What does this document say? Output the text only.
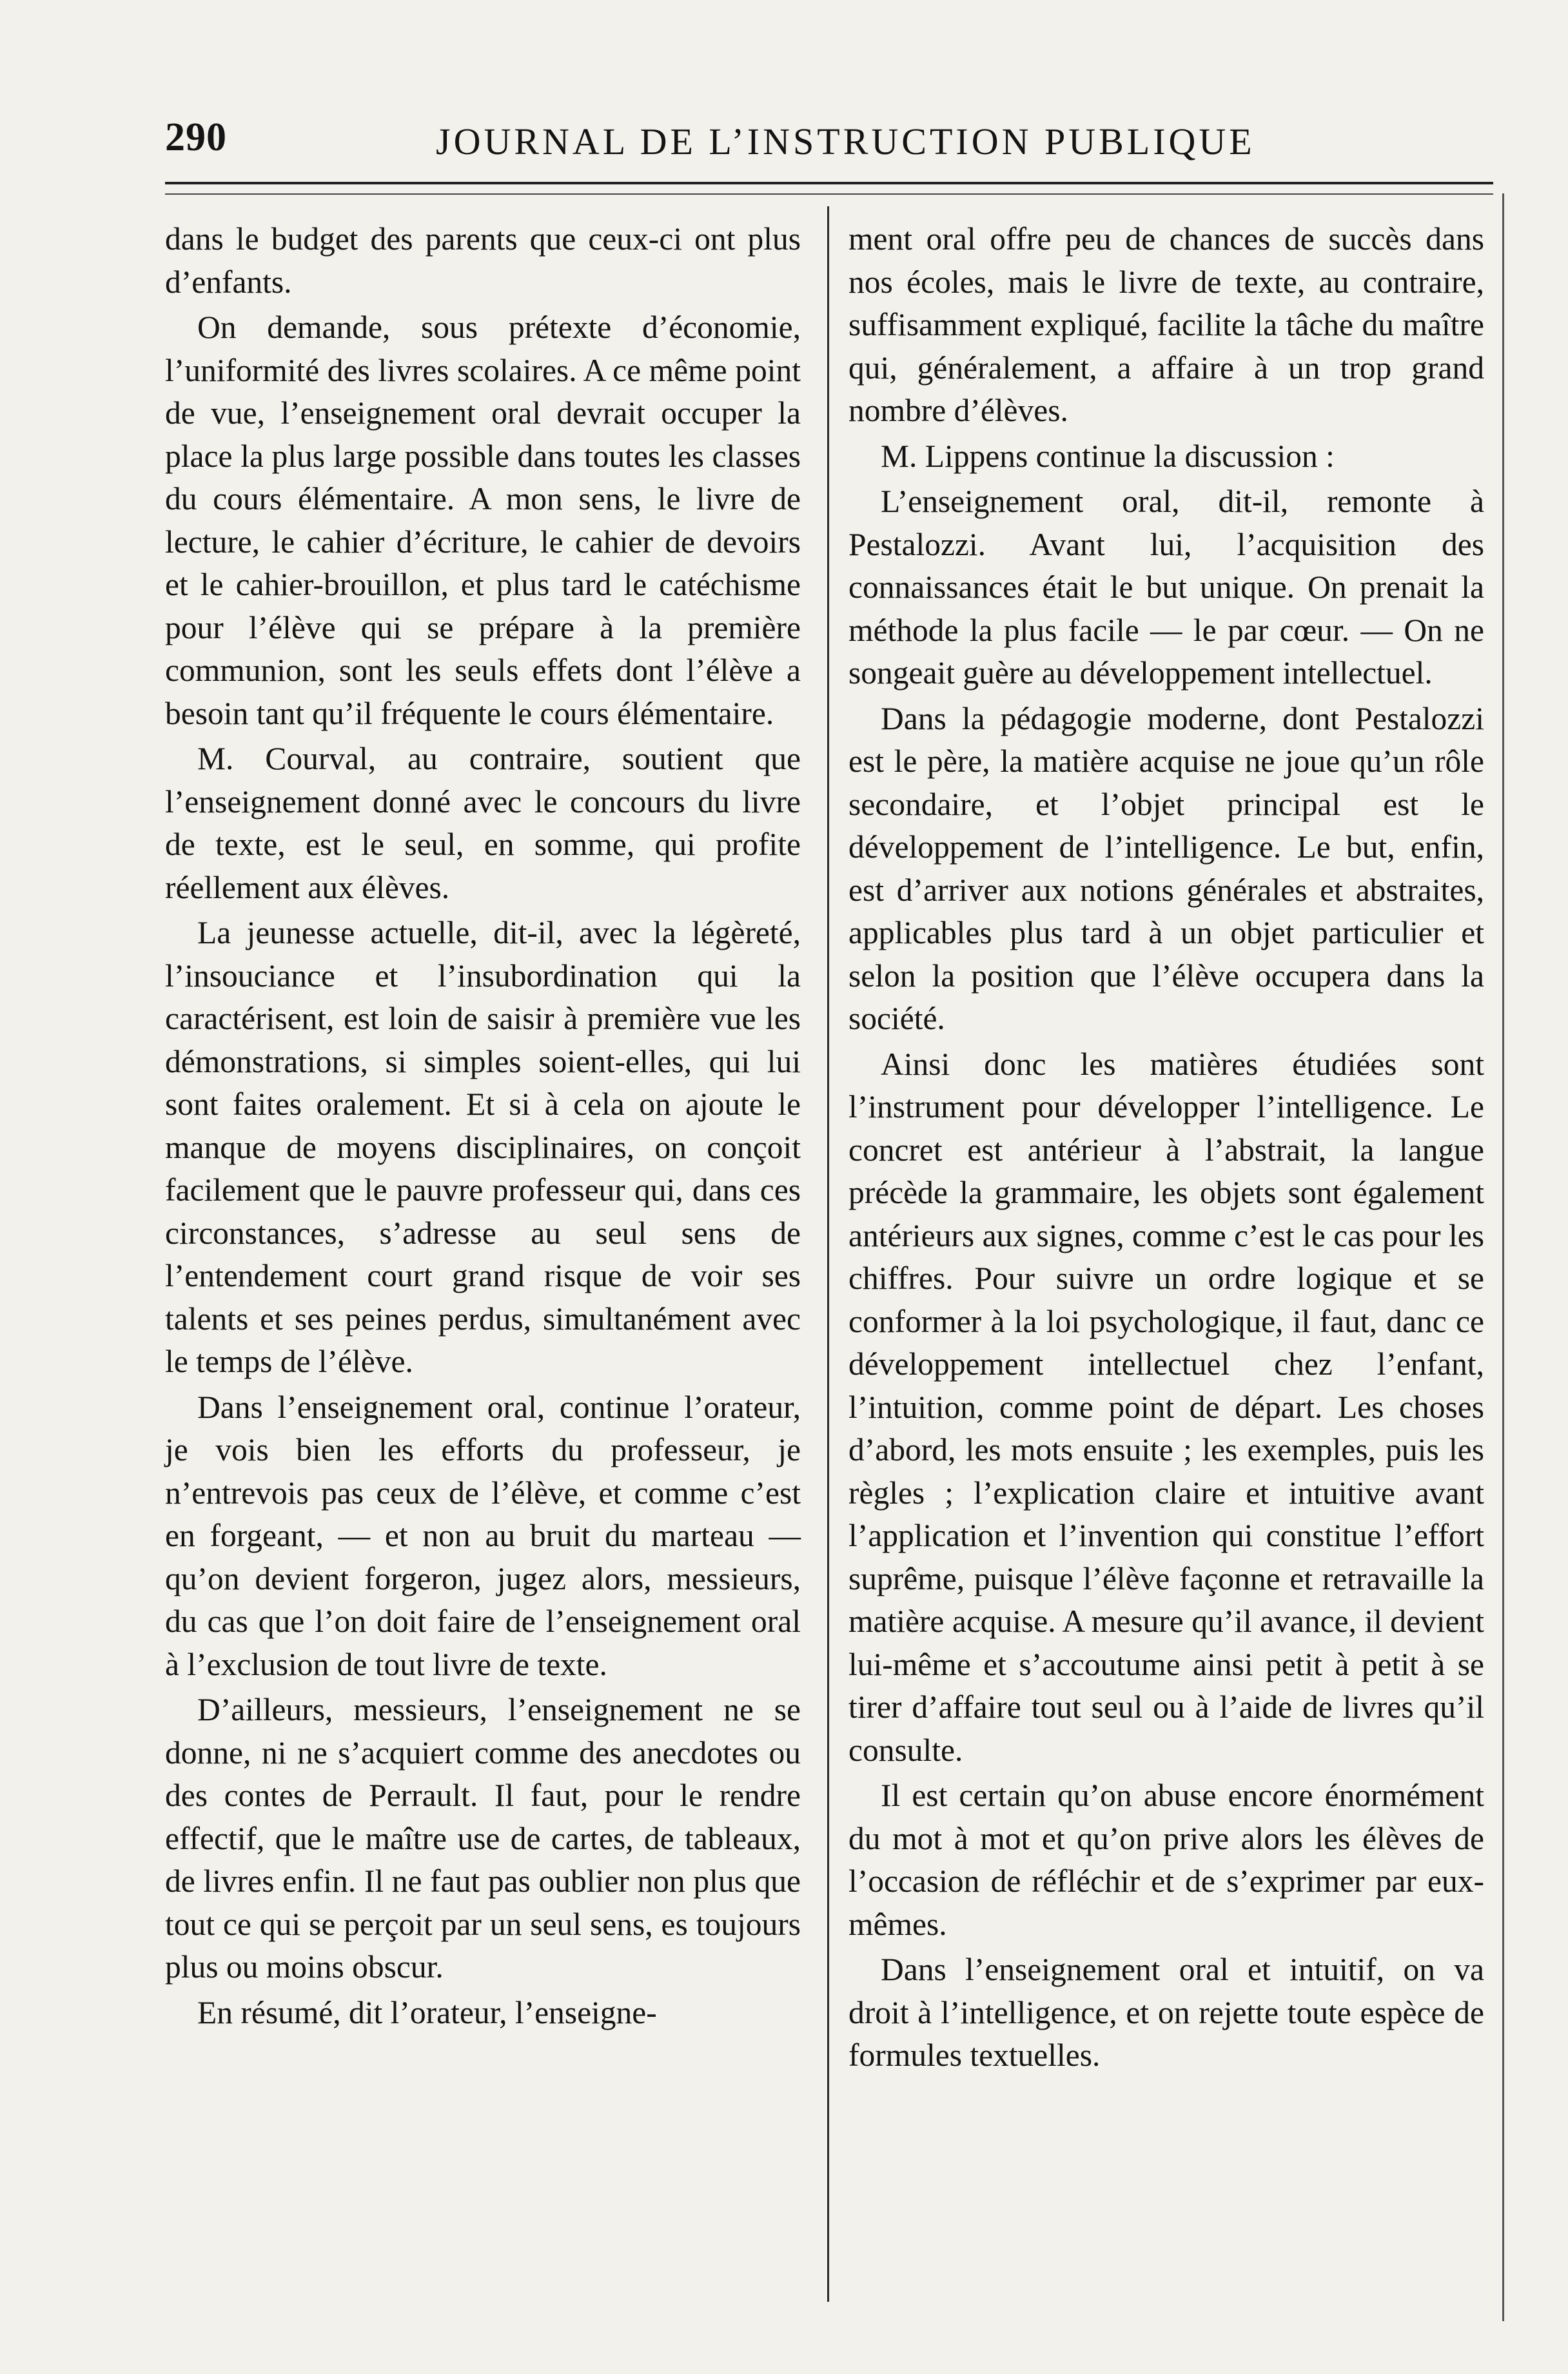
290	JOURNAL DE L’INSTRUCTION PUBLIQUE

dans le budget des parents que ceux-ci ont plus d’enfants.

On demande, sous prétexte d’économie, l’uniformité des livres scolaires. A ce même point de vue, l’enseignement oral devrait occuper la place la plus large possible dans toutes les classes du cours élémentaire. A mon sens, le livre de lecture, le cahier d’écriture, le cahier de devoirs et le cahier-brouillon, et plus tard le catéchisme pour l’élève qui se prépare à la première communion, sont les seuls effets dont l’élève a besoin tant qu’il fréquente le cours élémentaire.

M. Courval, au contraire, soutient que l’enseignement donné avec le concours du livre de texte, est le seul, en somme, qui profite réellement aux élèves.

La jeunesse actuelle, dit-il, avec la légèreté, l’insouciance et l’insubordination qui la caractérisent, est loin de saisir à première vue les démonstrations, si simples soient-elles, qui lui sont faites oralement. Et si à cela on ajoute le manque de moyens disciplinaires, on conçoit facilement que le pauvre professeur qui, dans ces circonstances, s’adresse au seul sens de l’entendement court grand risque de voir ses talents et ses peines perdus, simultanément avec le temps de l’élève.

Dans l’enseignement oral, continue l’orateur, je vois bien les efforts du professeur, je n’entrevois pas ceux de l’élève, et comme c’est en forgeant, — et non au bruit du marteau — qu’on devient forgeron, jugez alors, messieurs, du cas que l’on doit faire de l’enseignement oral à l’exclusion de tout livre de texte.

D’ailleurs, messieurs, l’enseignement ne se donne, ni ne s’acquiert comme des anecdotes ou des contes de Perrault. Il faut, pour le rendre effectif, que le maître use de cartes, de tableaux, de livres enfin. Il ne faut pas oublier non plus que tout ce qui se perçoit par un seul sens, es toujours plus ou moins obscur.

En résumé, dit l’orateur, l’enseigne-

ment oral offre peu de chances de succès dans nos écoles, mais le livre de texte, au contraire, suffisamment expliqué, facilite la tâche du maître qui, généralement, a affaire à un trop grand nombre d’élèves.

M. Lippens continue la discussion :

L’enseignement oral, dit-il, remonte à Pestalozzi. Avant lui, l’acquisition des connaissances était le but unique. On prenait la méthode la plus facile — le par cœur. — On ne songeait guère au développement intellectuel.

Dans la pédagogie moderne, dont Pestalozzi est le père, la matière acquise ne joue qu’un rôle secondaire, et l’objet principal est le développement de l’intelligence. Le but, enfin, est d’arriver aux notions générales et abstraites, applicables plus tard à un objet particulier et selon la position que l’élève occupera dans la société.

Ainsi donc les matières étudiées sont l’instrument pour développer l’intelligence. Le concret est antérieur à l’abstrait, la langue précède la grammaire, les objets sont également antérieurs aux signes, comme c’est le cas pour les chiffres. Pour suivre un ordre logique et se conformer à la loi psychologique, il faut, danc ce développement intellectuel chez l’enfant, l’intuition, comme point de départ. Les choses d’abord, les mots ensuite ; les exemples, puis les règles ; l’explication claire et intuitive avant l’application et l’invention qui constitue l’effort suprême, puisque l’élève façonne et retravaille la matière acquise. A mesure qu’il avance, il devient lui-même et s’accoutume ainsi petit à petit à se tirer d’affaire tout seul ou à l’aide de livres qu’il consulte.

Il est certain qu’on abuse encore énormément du mot à mot et qu’on prive alors les élèves de l’occasion de réfléchir et de s’exprimer par eux-mêmes.

Dans l’enseignement oral et intuitif, on va droit à l’intelligence, et on rejette toute espèce de formules textuelles.
